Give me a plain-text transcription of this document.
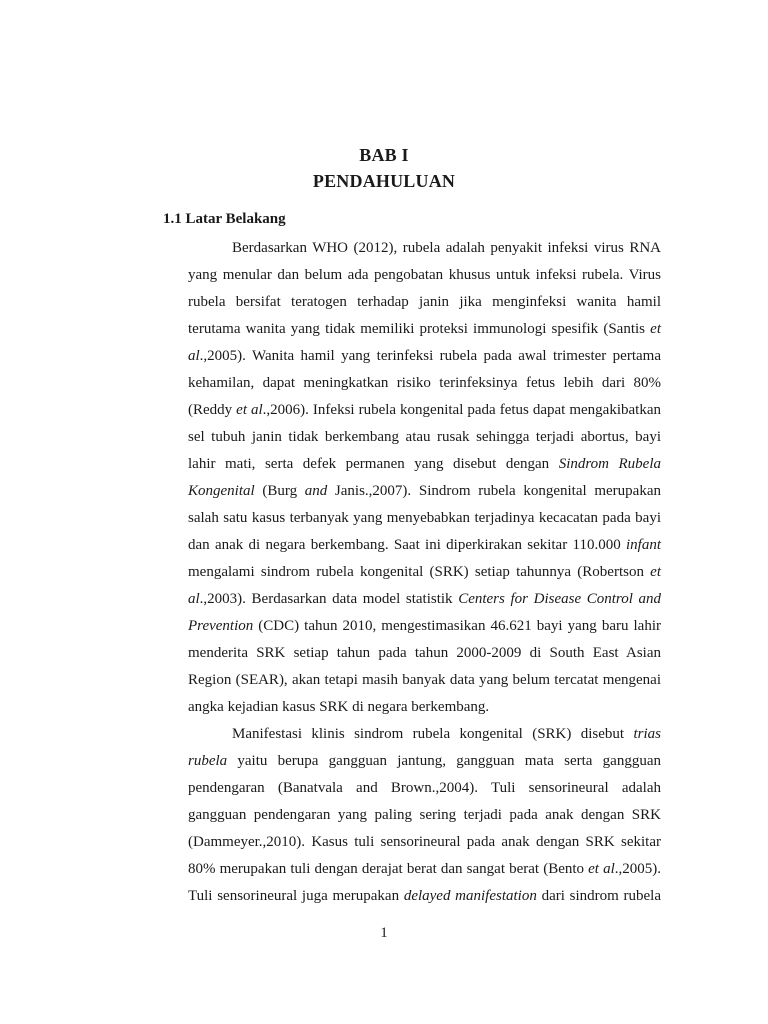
BAB I
PENDAHULUAN
1.1 Latar Belakang
Berdasarkan WHO (2012), rubela adalah penyakit infeksi virus RNA
yang menular dan belum ada pengobatan khusus untuk infeksi rubela. Virus
rubela bersifat teratogen terhadap janin jika menginfeksi wanita hamil
terutama wanita yang tidak memiliki proteksi immunologi spesifik (Santis et
al.,2005). Wanita hamil yang terinfeksi rubela pada awal trimester pertama
kehamilan, dapat meningkatkan risiko terinfeksinya fetus lebih dari 80%
(Reddy et al.,2006). Infeksi rubela kongenital pada fetus dapat mengakibatkan
sel tubuh janin tidak berkembang atau rusak sehingga terjadi abortus, bayi
lahir mati, serta defek permanen yang disebut dengan Sindrom Rubela
Kongenital (Burg and Janis.,2007). Sindrom rubela kongenital merupakan
salah satu kasus terbanyak yang menyebabkan terjadinya kecacatan pada bayi
dan anak di negara berkembang. Saat ini diperkirakan sekitar 110.000 infant
mengalami sindrom rubela kongenital (SRK) setiap tahunnya (Robertson et
al.,2003). Berdasarkan data model statistik Centers for Disease Control and
Prevention (CDC) tahun 2010, mengestimasikan 46.621 bayi yang baru lahir
menderita SRK setiap tahun pada tahun 2000-2009 di South East Asian
Region (SEAR), akan tetapi masih banyak data yang belum tercatat mengenai
angka kejadian kasus SRK di negara berkembang.
Manifestasi klinis sindrom rubela kongenital (SRK) disebut trias
rubela yaitu berupa gangguan jantung, gangguan mata serta gangguan
pendengaran (Banatvala and Brown.,2004). Tuli sensorineural adalah
gangguan pendengaran yang paling sering terjadi pada anak dengan SRK
(Dammeyer.,2010). Kasus tuli sensorineural pada anak dengan SRK sekitar
80% merupakan tuli dengan derajat berat dan sangat berat (Bento et al.,2005).
Tuli sensorineural juga merupakan delayed manifestation dari sindrom rubela
1
